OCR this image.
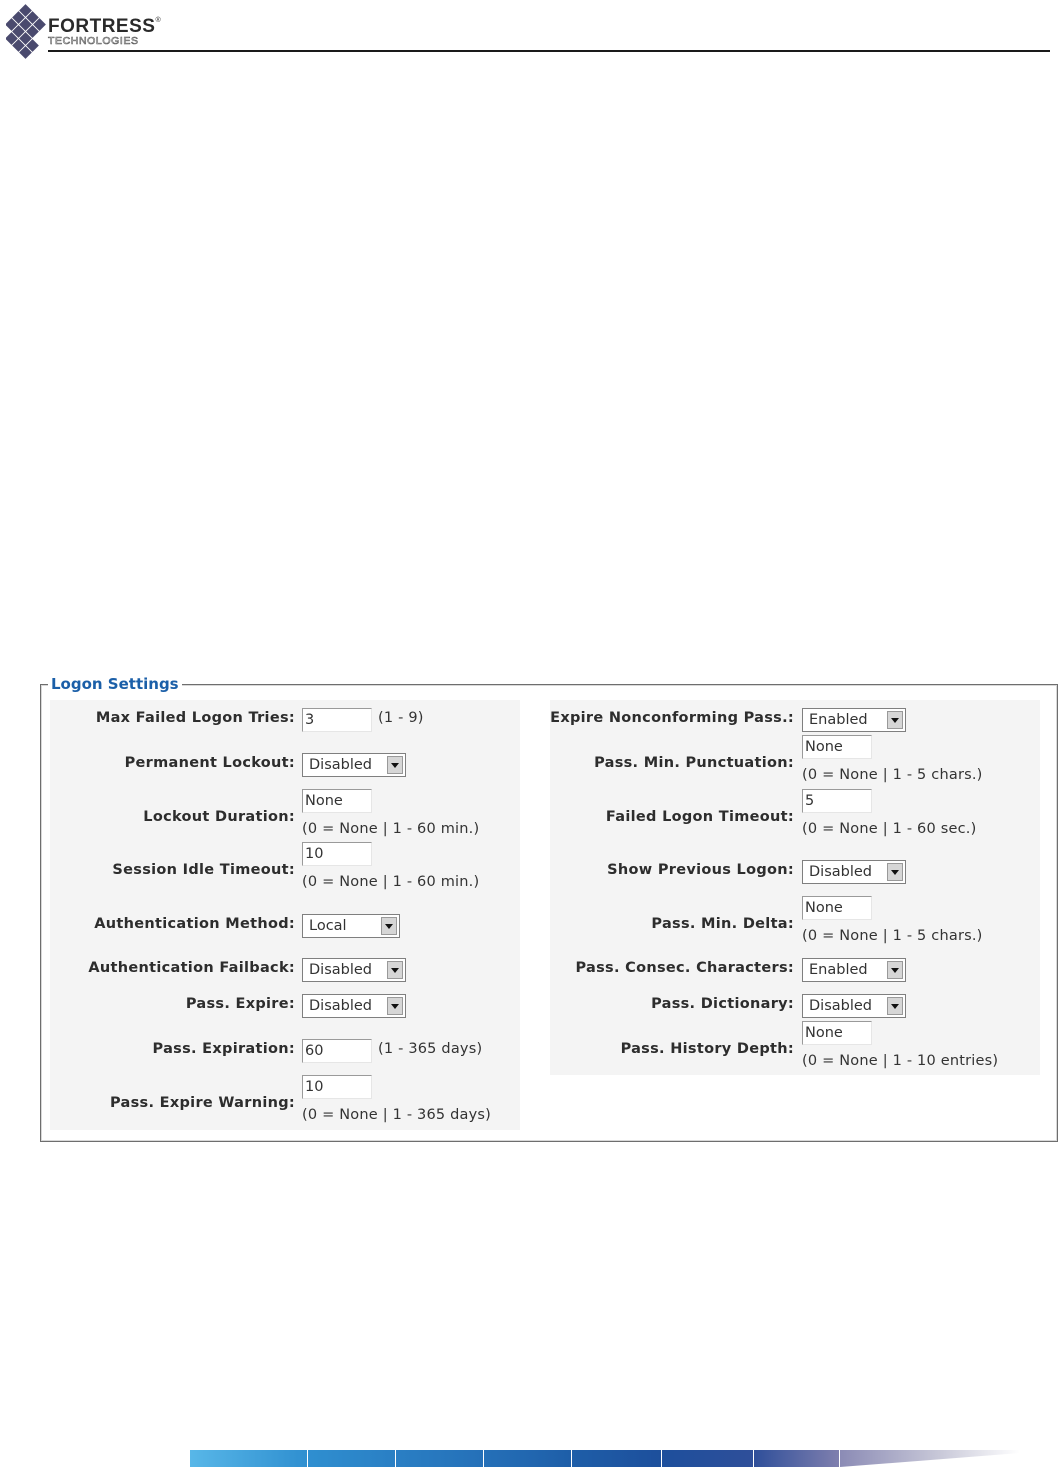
FORTRESS®
TECHNOLOGIES
Logon Settings
Max Failed Logon Tries: 3	(1 - 9)
Permanent Lockout: Disabled
Lockout Duration:
None
(0 = None | 1 - 60 min.)
Session Idle Timeout:
10
(0 = None | 1 - 60 min.)
Authentication Method: Local
Authentication Failback: Disabled
Pass. Expire: Disabled
Pass. Expiration: 60	(1 - 365 days)
Pass. Expire Warning:
10
(0 = None | 1 - 365 days)
Expire Nonconforming Pass.:	Enabled
Pass. Min. Punctuation:
None
(0 = None | 1 - 5 chars.)
Failed Logon Timeout:
5
(0 = None | 1 - 60 sec.)
Show Previous Logon:	Disabled
Pass. Min. Delta:
None
(0 = None | 1 - 5 chars.)
Pass. Consec. Characters:	Enabled
Pass. Dictionary:	Disabled
Pass. History Depth:
None
(0 = None | 1 - 10 entries)
